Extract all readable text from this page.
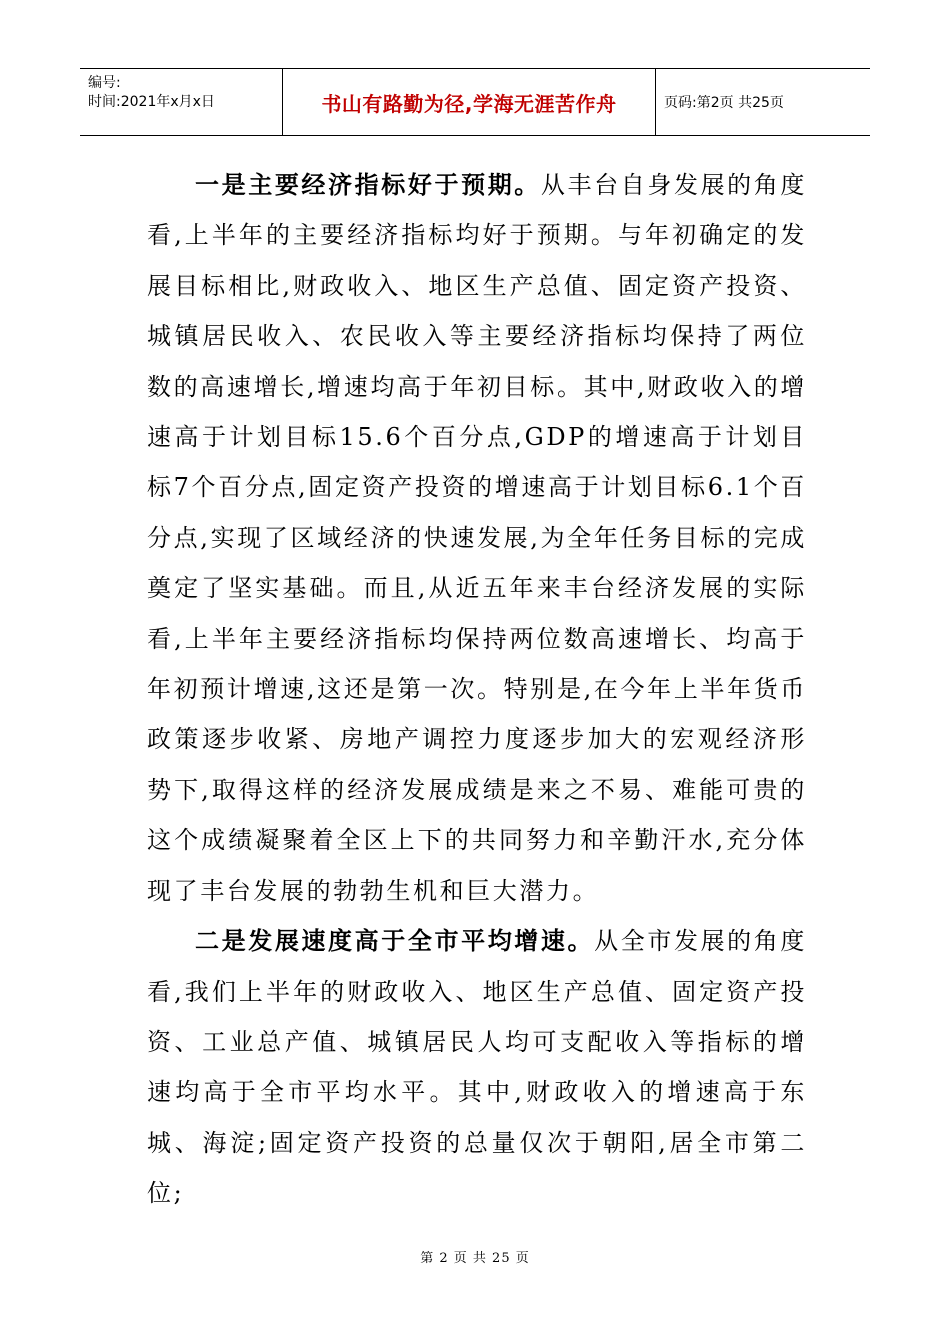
编号:
时间:2021年x月x日	书山有路勤为径,学海无涯苦作舟	页码:第2页 共25页

一是主要经济指标好于预期。从丰台自身发展的角度看,上半年的主要经济指标均好于预期。与年初确定的发展目标相比,财政收入、地区生产总值、固定资产投资、城镇居民收入、农民收入等主要经济指标均保持了两位数的高速增长,增速均高于年初目标。其中,财政收入的增速高于计划目标15.6个百分点,GDP的增速高于计划目标7个百分点,固定资产投资的增速高于计划目标6.1个百分点,实现了区域经济的快速发展,为全年任务目标的完成奠定了坚实基础。而且,从近五年来丰台经济发展的实际看,上半年主要经济指标均保持两位数高速增长、均高于年初预计增速,这还是第一次。特别是,在今年上半年货币政策逐步收紧、房地产调控力度逐步加大的宏观经济形势下,取得这样的经济发展成绩是来之不易、难能可贵的这个成绩凝聚着全区上下的共同努力和辛勤汗水,充分体现了丰台发展的勃勃生机和巨大潜力。

二是发展速度高于全市平均增速。从全市发展的角度看,我们上半年的财政收入、地区生产总值、固定资产投资、工业总产值、城镇居民人均可支配收入等指标的增速均高于全市平均水平。其中,财政收入的增速高于东城、海淀;固定资产投资的总量仅次于朝阳,居全市第二位;

第 2 页 共 25 页
